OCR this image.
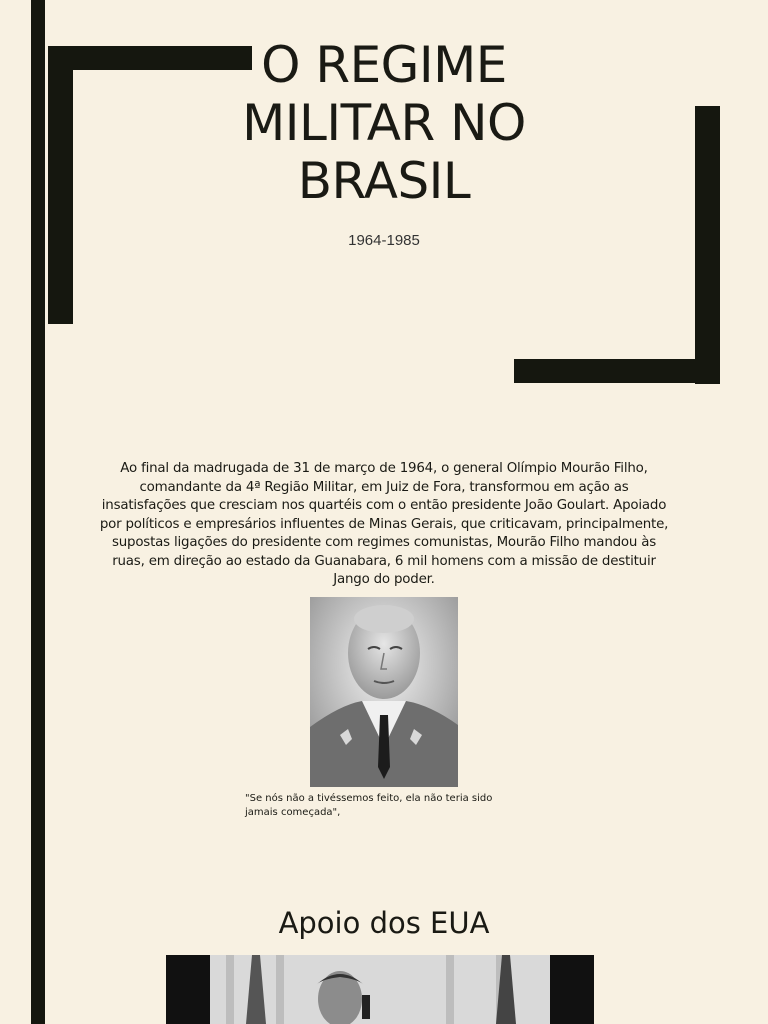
O REGIME
MILITAR NO
BRASIL
1964-1985

Ao final da madrugada de 31 de março de 1964, o general Olímpio Mourão Filho, comandante da 4ª Região Militar, em Juiz de Fora, transformou em ação as insatisfações que cresciam nos quartéis com o então presidente João Goulart. Apoiado por políticos e empresários influentes de Minas Gerais, que criticavam, principalmente, supostas ligações do presidente com regimes comunistas, Mourão Filho mandou às ruas, em direção ao estado da Guanabara, 6 mil homens com a missão de destituir Jango do poder.

"Se nós não a tivéssemos feito, ela não teria sido
jamais começada",
Apoio dos EUA
